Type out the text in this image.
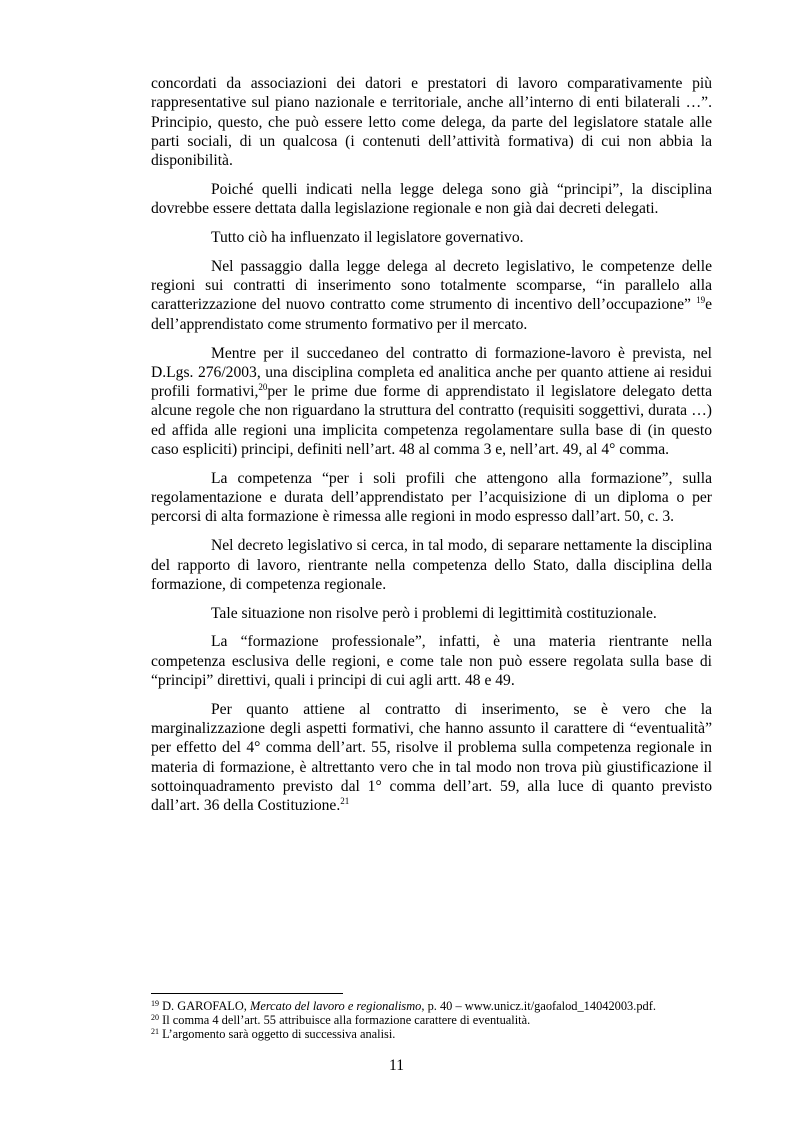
concordati da associazioni dei datori e prestatori di lavoro comparativamente più rappresentative sul piano nazionale e territoriale, anche all’interno di enti bilaterali …”. Principio, questo, che può essere letto come delega, da parte del legislatore statale alle parti sociali, di un qualcosa (i contenuti dell’attività formativa) di cui non abbia la disponibilità.

Poiché quelli indicati nella legge delega sono già “principi”, la disciplina dovrebbe essere dettata dalla legislazione regionale e non già dai decreti delegati.

Tutto ciò ha influenzato il legislatore governativo.

Nel passaggio dalla legge delega al decreto legislativo, le competenze delle regioni sui contratti di inserimento sono totalmente scomparse, “in parallelo alla caratterizzazione del nuovo contratto come strumento di incentivo dell’occupazione” $^{19}$e dell’apprendistato come strumento formativo per il mercato.

Mentre per il succedaneo del contratto di formazione-lavoro è prevista, nel D.Lgs. 276/2003, una disciplina completa ed analitica anche per quanto attiene ai residui profili formativi,$^{20}$per le prime due forme di apprendistato il legislatore delegato detta alcune regole che non riguardano la struttura del contratto (requisiti soggettivi, durata …) ed affida alle regioni una implicita competenza regolamentare sulla base di (in questo caso espliciti) principi, definiti nell’art. 48 al comma 3 e, nell’art. 49, al 4° comma.

La competenza “per i soli profili che attengono alla formazione”, sulla regolamentazione e durata dell’apprendistato per l’acquisizione di un diploma o per percorsi di alta formazione è rimessa alle regioni in modo espresso dall’art. 50, c. 3.

Nel decreto legislativo si cerca, in tal modo, di separare nettamente la disciplina del rapporto di lavoro, rientrante nella competenza dello Stato, dalla disciplina della formazione, di competenza regionale.

Tale situazione non risolve però i problemi di legittimità costituzionale.

La “formazione professionale”, infatti, è una materia rientrante nella competenza esclusiva delle regioni, e come tale non può essere regolata sulla base di “principi” direttivi, quali i principi di cui agli artt. 48 e 49.

Per quanto attiene al contratto di inserimento, se è vero che la marginalizzazione degli aspetti formativi, che hanno assunto il carattere di “eventualità” per effetto del 4° comma dell’art. 55, risolve il problema sulla competenza regionale in materia di formazione, è altrettanto vero che in tal modo non trova più giustificazione il sottoinquadramento previsto dal 1° comma dell’art. 59, alla luce di quanto previsto dall’art. 36 della Costituzione.$^{21}$

$^{19}$ D. GAROFALO, Mercato del lavoro e regionalismo, p. 40 – www.unicz.it/gaofalod_14042003.pdf.
$^{20}$ Il comma 4 dell’art. 55 attribuisce alla formazione carattere di eventualità.
$^{21}$ L’argomento sarà oggetto di successiva analisi.
11
